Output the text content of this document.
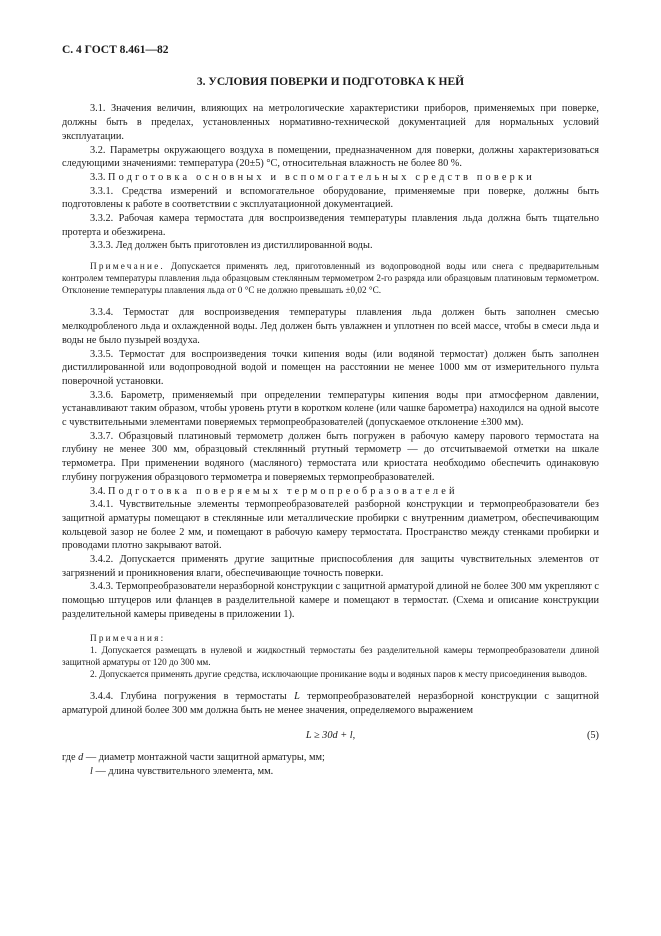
С. 4 ГОСТ 8.461—82
3. УСЛОВИЯ ПОВЕРКИ И ПОДГОТОВКА К НЕЙ

3.1. Значения величин, влияющих на метрологические характеристики приборов, применяемых при поверке, должны быть в пределах, установленных нормативно-технической документацией для нормальных условий эксплуатации.

3.2. Параметры окружающего воздуха в помещении, предназначенном для поверки, должны характеризоваться следующими значениями: температура (20±5) °С, относительная влажность не более 80 %.

3.3. Подготовка основных и вспомогательных средств поверки

3.3.1. Средства измерений и вспомогательное оборудование, применяемые при поверке, должны быть подготовлены к работе в соответствии с эксплуатационной документацией.

3.3.2. Рабочая камера термостата для воспроизведения температуры плавления льда должна быть тщательно протерта и обезжирена.

3.3.3. Лед должен быть приготовлен из дистиллированной воды.

Примечание. Допускается применять лед, приготовленный из водопроводной воды или снега с предварительным контролем температуры плавления льда образцовым стеклянным термометром 2-го разряда или образцовым платиновым термометром. Отклонение температуры плавления льда от 0 °С не должно превышать ±0,02 °С.

3.3.4. Термостат для воспроизведения температуры плавления льда должен быть заполнен смесью мелкодробленого льда и охлажденной воды. Лед должен быть увлажнен и уплотнен по всей массе, чтобы в смеси льда и воды не было пузырей воздуха.

3.3.5. Термостат для воспроизведения точки кипения воды (или водяной термостат) должен быть заполнен дистиллированной или водопроводной водой и помещен на расстоянии не менее 1000 мм от измерительного пульта поверочной установки.

3.3.6. Барометр, применяемый при определении температуры кипения воды при атмосферном давлении, устанавливают таким образом, чтобы уровень ртути в коротком колене (или чашке барометра) находился на одной высоте с чувствительными элементами поверяемых термопреобразователей (допускаемое отклонение ±300 мм).

3.3.7. Образцовый платиновый термометр должен быть погружен в рабочую камеру парового термостата на глубину не менее 300 мм, образцовый стеклянный ртутный термометр — до отсчитываемой отметки на шкале термометра. При применении водяного (масляного) термостата или криостата необходимо обеспечить одинаковую глубину погружения образцового термометра и поверяемых термопреобразователей.

3.4. Подготовка поверяемых термопреобразователей

3.4.1. Чувствительные элементы термопреобразователей разборной конструкции и термопреобразователи без защитной арматуры помещают в стеклянные или металлические пробирки с внутренним диаметром, обеспечивающим кольцевой зазор не более 2 мм, и помещают в рабочую камеру термостата. Пространство между стенками пробирки и проводами плотно закрывают ватой.

3.4.2. Допускается применять другие защитные приспособления для защиты чувствительных элементов от загрязнений и проникновения влаги, обеспечивающие точность поверки.

3.4.3. Термопреобразователи неразборной конструкции с защитной арматурой длиной не более 300 мм укрепляют с помощью штуцеров или фланцев в разделительной камере и помещают в термостат. (Схема и описание конструкции разделительной камеры приведены в приложении 1).

Примечания:

1. Допускается размещать в нулевой и жидкостный термостаты без разделительной камеры термопреобразователи длиной защитной арматуры от 120 до 300 мм.

2. Допускается применять другие средства, исключающие проникание воды и водяных паров к месту присоединения выводов.

3.4.4. Глубина погружения в термостаты L термопреобразователей неразборной конструкции с защитной арматурой длиной более 300 мм должна быть не менее значения, определяемого выражением

L ≥ 30d + l,	(5)

где d — диаметр монтажной части защитной арматуры, мм;

l — длина чувствительного элемента, мм.
